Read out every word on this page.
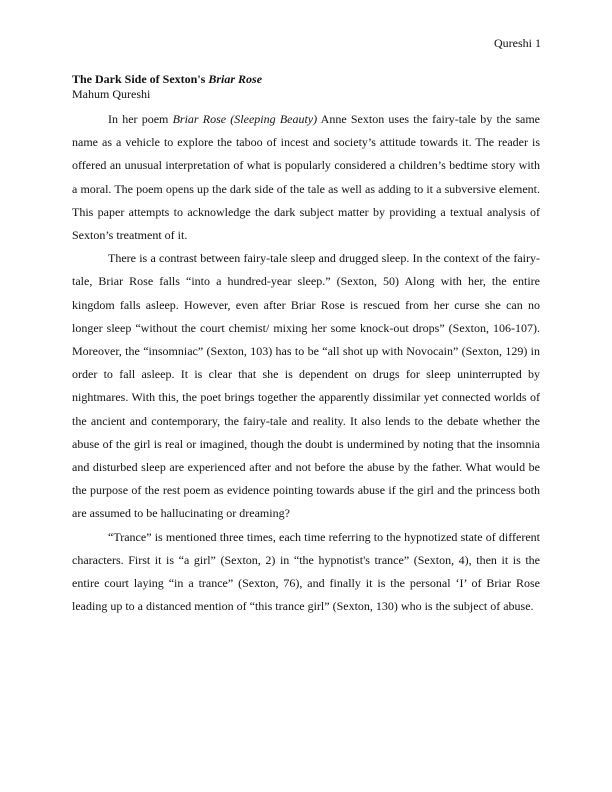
Qureshi 1
The Dark Side of Sexton's Briar Rose
Mahum Qureshi

In her poem Briar Rose (Sleeping Beauty) Anne Sexton uses the fairy-tale by the same name as a vehicle to explore the taboo of incest and society’s attitude towards it. The reader is offered an unusual interpretation of what is popularly considered a children’s bedtime story with a moral. The poem opens up the dark side of the tale as well as adding to it a subversive element. This paper attempts to acknowledge the dark subject matter by providing a textual analysis of Sexton’s treatment of it.

There is a contrast between fairy-tale sleep and drugged sleep. In the context of the fairy-tale, Briar Rose falls “into a hundred-year sleep.” (Sexton, 50) Along with her, the entire kingdom falls asleep. However, even after Briar Rose is rescued from her curse she can no longer sleep “without the court chemist/ mixing her some knock-out drops” (Sexton, 106-107). Moreover, the “insomniac” (Sexton, 103) has to be “all shot up with Novocain” (Sexton, 129) in order to fall asleep. It is clear that she is dependent on drugs for sleep uninterrupted by nightmares. With this, the poet brings together the apparently dissimilar yet connected worlds of the ancient and contemporary, the fairy-tale and reality. It also lends to the debate whether the abuse of the girl is real or imagined, though the doubt is undermined by noting that the insomnia and disturbed sleep are experienced after and not before the abuse by the father. What would be the purpose of the rest poem as evidence pointing towards abuse if the girl and the princess both are assumed to be hallucinating or dreaming?

“Trance” is mentioned three times, each time referring to the hypnotized state of different characters. First it is “a girl” (Sexton, 2) in “the hypnotist's trance” (Sexton, 4), then it is the entire court laying “in a trance” (Sexton, 76), and finally it is the personal ‘I’ of Briar Rose leading up to a distanced mention of “this trance girl” (Sexton, 130) who is the subject of abuse.
